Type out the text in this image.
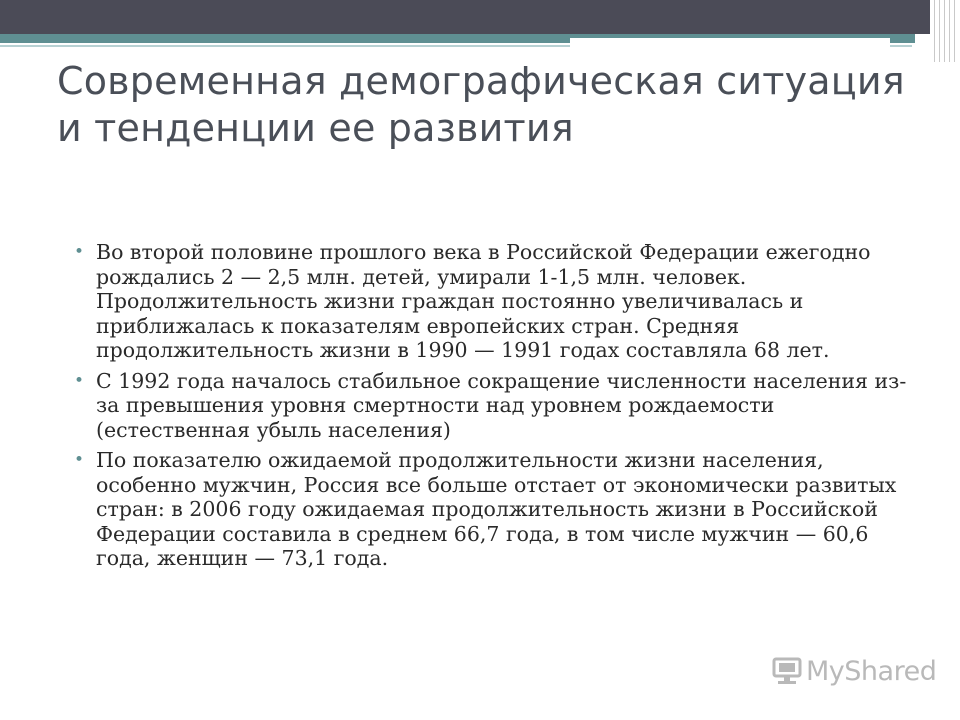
Современная демографическая ситуация и тенденции ее развития
• Во второй половине прошлого века в Российской Федерации ежегодно рождались 2 — 2,5 млн. детей, умирали 1-1,5 млн. человек. Продолжительность жизни граждан постоянно увеличивалась и приближалась к показателям европейских стран. Средняя продолжительность жизни в 1990 — 1991 годах составляла 68 лет.
• С 1992 года началось стабильное сокращение численности населения из-за превышения уровня смертности над уровнем рождаемости (естественная убыль населения)
• По показателю ожидаемой продолжительности жизни населения, особенно мужчин, Россия все больше отстает от экономически развитых стран: в 2006 году ожидаемая продолжительность жизни в Российской Федерации составила в среднем 66,7 года, в том числе мужчин — 60,6 года, женщин — 73,1 года.
MyShared
